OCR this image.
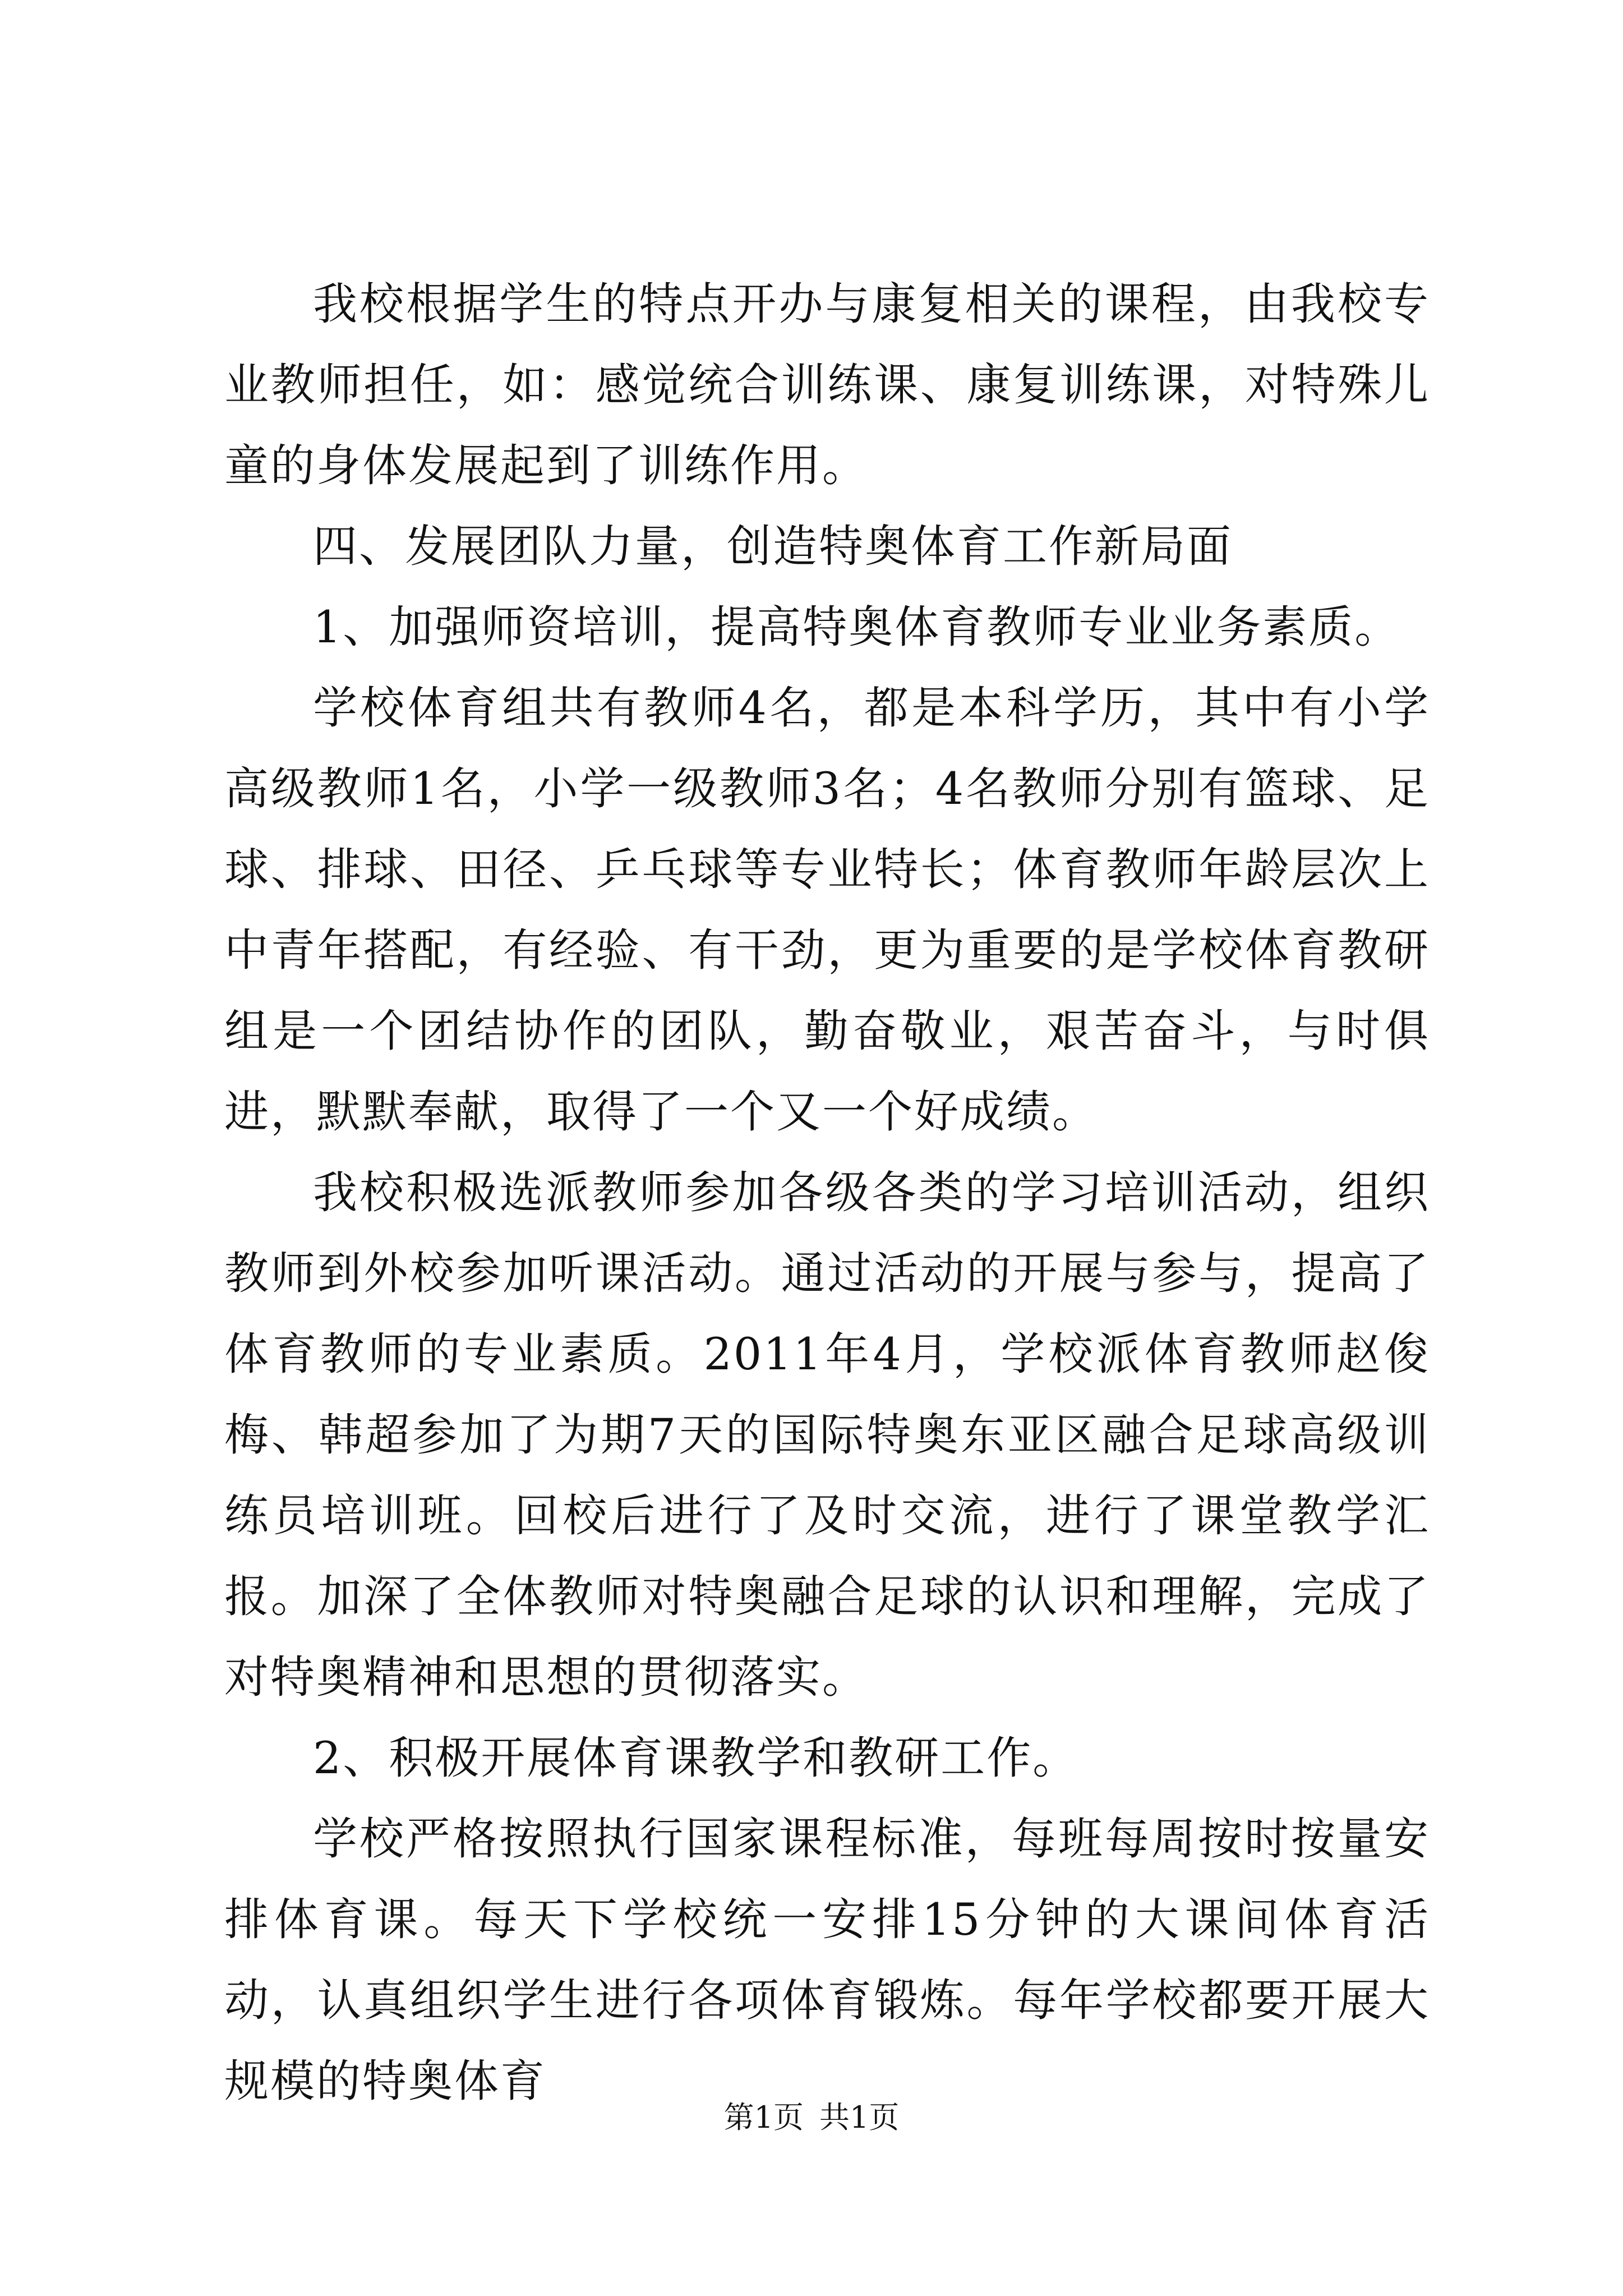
我校根据学生的特点开办与康复相关的课程，由我校专业教师担任，如：感觉统合训练课、康复训练课，对特殊儿童的身体发展起到了训练作用。

四、发展团队力量，创造特奥体育工作新局面

1、加强师资培训，提高特奥体育教师专业业务素质。

学校体育组共有教师4名，都是本科学历，其中有小学高级教师1名，小学一级教师3名；4名教师分别有篮球、足球、排球、田径、乒乓球等专业特长；体育教师年龄层次上中青年搭配，有经验、有干劲，更为重要的是学校体育教研组是一个团结协作的团队，勤奋敬业，艰苦奋斗，与时俱进，默默奉献，取得了一个又一个好成绩。

我校积极选派教师参加各级各类的学习培训活动，组织教师到外校参加听课活动。通过活动的开展与参与，提高了体育教师的专业素质。2011年4月，学校派体育教师赵俊梅、韩超参加了为期7天的国际特奥东亚区融合足球高级训练员培训班。回校后进行了及时交流，进行了课堂教学汇报。加深了全体教师对特奥融合足球的认识和理解，完成了对特奥精神和思想的贯彻落实。

2、积极开展体育课教学和教研工作。

学校严格按照执行国家课程标准，每班每周按时按量安排体育课。每天下学校统一安排15分钟的大课间体育活动，认真组织学生进行各项体育锻炼。每年学校都要开展大规模的特奥体育

第1页 共1页
